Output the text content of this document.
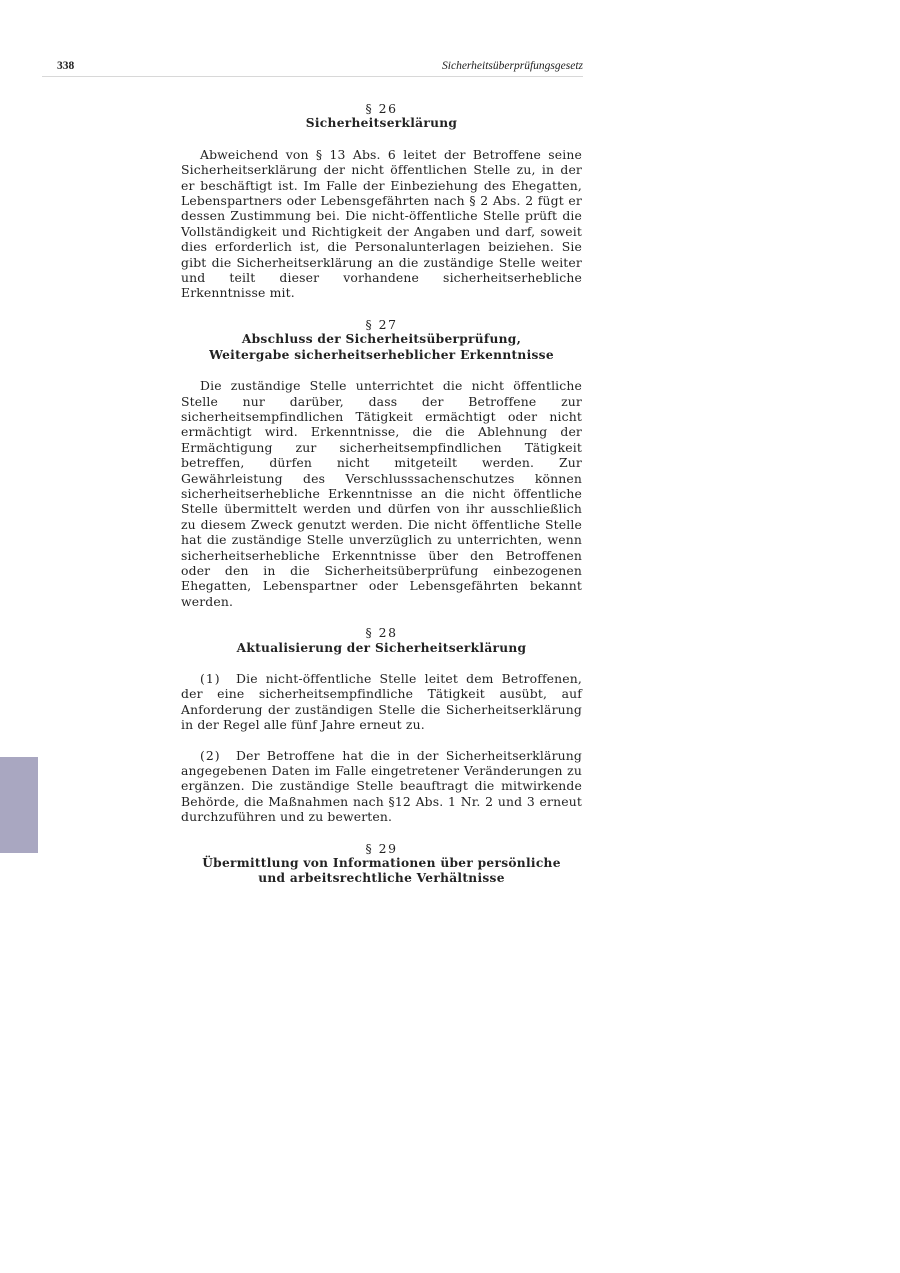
338	Sicherheitsüberprüfungsgesetz
§ 26
Sicherheitserklärung

Abweichend von § 13 Abs. 6 leitet der Betroffene seine Sicherheitserklärung der nicht öffentlichen Stelle zu, in der er beschäftigt ist. Im Falle der Einbeziehung des Ehegatten, Lebenspartners oder Lebensgefährten nach § 2 Abs. 2 fügt er dessen Zustimmung bei. Die nicht-öffentliche Stelle prüft die Vollständigkeit und Richtigkeit der Angaben und darf, soweit dies erforderlich ist, die Personalunterlagen beiziehen. Sie gibt die Sicherheitserklärung an die zuständige Stelle weiter und teilt dieser vorhandene sicherheitserhebliche Erkenntnisse mit.

§ 27
Abschluss der Sicherheitsüberprüfung,
Weitergabe sicherheitserheblicher Erkenntnisse

Die zuständige Stelle unterrichtet die nicht öffentliche Stelle nur darüber, dass der Betroffene zur sicherheitsempfindlichen Tätigkeit ermächtigt oder nicht ermächtigt wird. Erkenntnisse, die die Ablehnung der Ermächtigung zur sicherheitsempfindlichen Tätigkeit betreffen, dürfen nicht mitgeteilt werden. Zur Gewährleistung des Verschlusssachenschutzes können sicherheitserhebliche Erkenntnisse an die nicht öffentliche Stelle übermittelt werden und dürfen von ihr ausschließlich zu diesem Zweck genutzt werden. Die nicht öffentliche Stelle hat die zuständige Stelle unverzüglich zu unterrichten, wenn sicherheitserhebliche Erkenntnisse über den Betroffenen oder den in die Sicherheitsüberprüfung einbezogenen Ehegatten, Lebenspartner oder Lebensgefährten bekannt werden.

§ 28
Aktualisierung der Sicherheitserklärung

(1) Die nicht-öffentliche Stelle leitet dem Betroffenen, der eine sicherheitsempfindliche Tätigkeit ausübt, auf Anforderung der zuständigen Stelle die Sicherheitserklärung in der Regel alle fünf Jahre erneut zu.

(2) Der Betroffene hat die in der Sicherheitserklärung angegebenen Daten im Falle eingetretener Veränderungen zu ergänzen. Die zuständige Stelle beauftragt die mitwirkende Behörde, die Maßnahmen nach §12 Abs. 1 Nr. 2 und 3 erneut durchzuführen und zu bewerten.

§ 29
Übermittlung von Informationen über persönliche
und arbeitsrechtliche Verhältnisse
